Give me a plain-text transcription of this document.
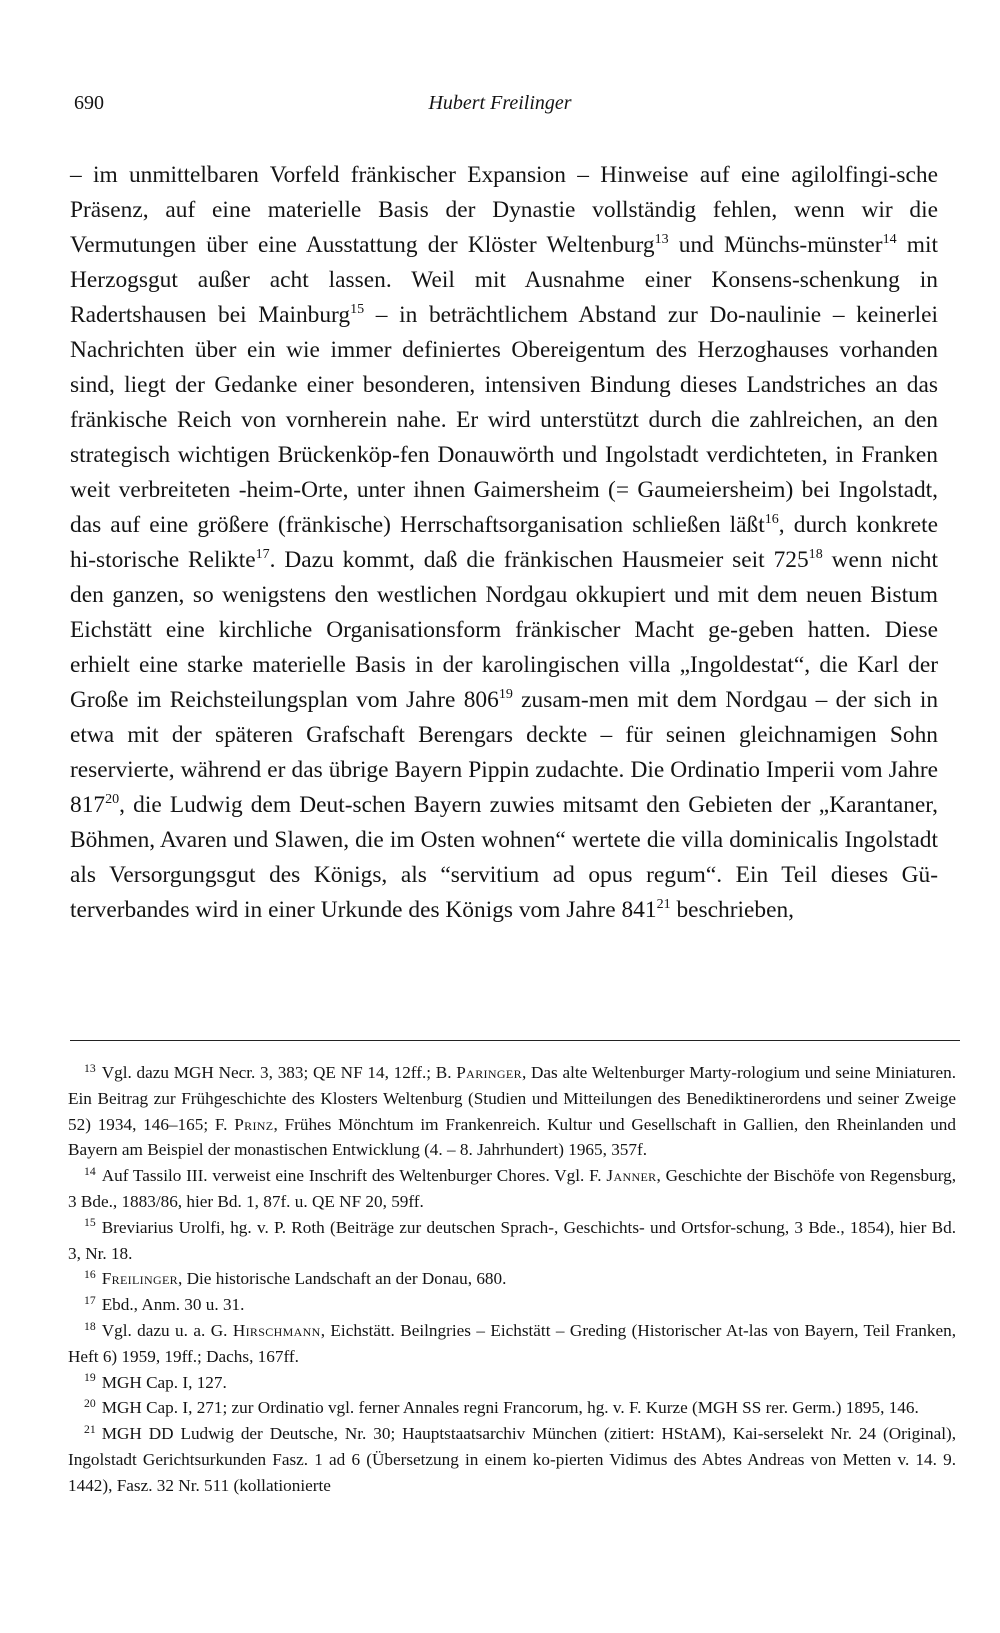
690	Hubert Freilinger

– im unmittelbaren Vorfeld fränkischer Expansion – Hinweise auf eine agilolfingi-sche Präsenz, auf eine materielle Basis der Dynastie vollständig fehlen, wenn wir die Vermutungen über eine Ausstattung der Klöster Weltenburg$^{13}$ und Münchs-münster$^{14}$ mit Herzogsgut außer acht lassen. Weil mit Ausnahme einer Konsens-schenkung in Radertshausen bei Mainburg$^{15}$ – in beträchtlichem Abstand zur Do-naulinie – keinerlei Nachrichten über ein wie immer definiertes Obereigentum des Herzoghauses vorhanden sind, liegt der Gedanke einer besonderen, intensiven Bindung dieses Landstriches an das fränkische Reich von vornherein nahe. Er wird unterstützt durch die zahlreichen, an den strategisch wichtigen Brückenköp-fen Donauwörth und Ingolstadt verdichteten, in Franken weit verbreiteten -heim-Orte, unter ihnen Gaimersheim (= Gaumeiersheim) bei Ingolstadt, das auf eine größere (fränkische) Herrschaftsorganisation schließen läßt$^{16}$, durch konkrete hi-storische Relikte$^{17}$. Dazu kommt, daß die fränkischen Hausmeier seit $725^{18}$ wenn nicht den ganzen, so wenigstens den westlichen Nordgau okkupiert und mit dem neuen Bistum Eichstätt eine kirchliche Organisationsform fränkischer Macht ge-geben hatten. Diese erhielt eine starke materielle Basis in der karolingischen villa „Ingoldestat“, die Karl der Große im Reichsteilungsplan vom Jahre $806^{19}$ zusam-men mit dem Nordgau – der sich in etwa mit der späteren Grafschaft Berengars deckte – für seinen gleichnamigen Sohn reservierte, während er das übrige Bayern Pippin zudachte. Die Ordinatio Imperii vom Jahre $817^{20}$, die Ludwig dem Deut-schen Bayern zuwies mitsamt den Gebieten der „Karantaner, Böhmen, Avaren und Slawen, die im Osten wohnen“ wertete die villa dominicalis Ingolstadt als Versorgungsgut des Königs, als “servitium ad opus regum“. Ein Teil dieses Gü-terverbandes wird in einer Urkunde des Königs vom Jahre $841^{21}$ beschrieben,

$^{13}$ Vgl. dazu MGH Necr. 3, 383; QE NF 14, 12ff.; B. Paringer, Das alte Weltenburger Marty-rologium und seine Miniaturen. Ein Beitrag zur Frühgeschichte des Klosters Weltenburg (Studien und Mitteilungen des Benediktinerordens und seiner Zweige 52) 1934, 146–165; F. Prinz, Frühes Mönchtum im Frankenreich. Kultur und Gesellschaft in Gallien, den Rheinlanden und Bayern am Beispiel der monastischen Entwicklung (4. – 8. Jahrhundert) 1965, 357f.

$^{14}$ Auf Tassilo III. verweist eine Inschrift des Weltenburger Chores. Vgl. F. Janner, Geschichte der Bischöfe von Regensburg, 3 Bde., 1883/86, hier Bd. 1, 87f. u. QE NF 20, 59ff.

$^{15}$ Breviarius Urolfi, hg. v. P. Roth (Beiträge zur deutschen Sprach-, Geschichts- und Ortsfor-schung, 3 Bde., 1854), hier Bd. 3, Nr. 18.

$^{16}$ Freilinger, Die historische Landschaft an der Donau, 680.

$^{17}$ Ebd., Anm. 30 u. 31.

$^{18}$ Vgl. dazu u. a. G. Hirschmann, Eichstätt. Beilngries – Eichstätt – Greding (Historischer At-las von Bayern, Teil Franken, Heft 6) 1959, 19ff.; Dachs, 167ff.

$^{19}$ MGH Cap. I, 127.

$^{20}$ MGH Cap. I, 271; zur Ordinatio vgl. ferner Annales regni Francorum, hg. v. F. Kurze (MGH SS rer. Germ.) 1895, 146.

$^{21}$ MGH DD Ludwig der Deutsche, Nr. 30; Hauptstaatsarchiv München (zitiert: HStAM), Kai-serselekt Nr. 24 (Original), Ingolstadt Gerichtsurkunden Fasz. 1 ad 6 (Übersetzung in einem ko-pierten Vidimus des Abtes Andreas von Metten v. 14. 9. 1442), Fasz. 32 Nr. 511 (kollationierte
